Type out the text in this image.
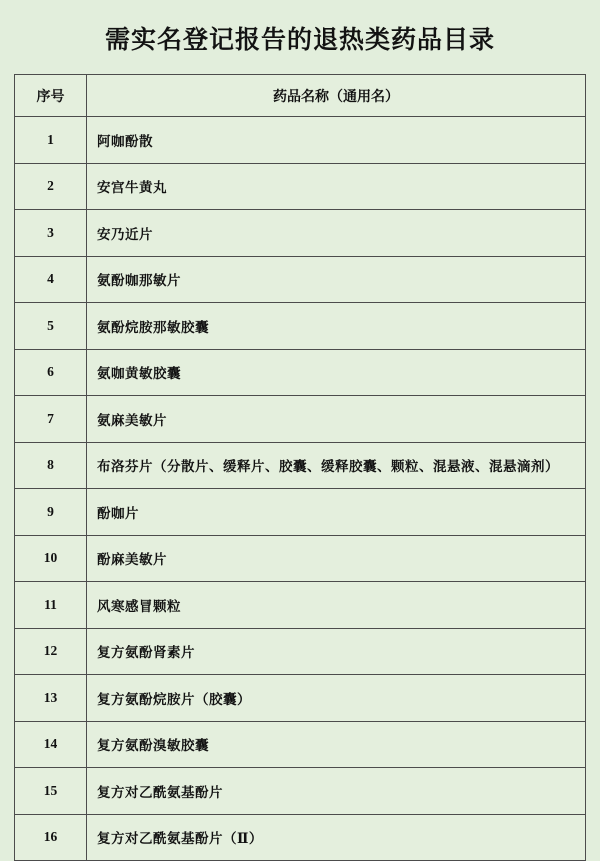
需实名登记报告的退热类药品目录
序号	药品名称（通用名）
1	阿咖酚散
2	安宫牛黄丸
3	安乃近片
4	氨酚咖那敏片
5	氨酚烷胺那敏胶囊
6	氨咖黄敏胶囊
7	氨麻美敏片
8	布洛芬片（分散片、缓释片、胶囊、缓释胶囊、颗粒、混悬液、混悬滴剂）
9	酚咖片
10	酚麻美敏片
11	风寒感冒颗粒
12	复方氨酚肾素片
13	复方氨酚烷胺片（胶囊）
14	复方氨酚溴敏胶囊
15	复方对乙酰氨基酚片
16	复方对乙酰氨基酚片（Ⅱ）
